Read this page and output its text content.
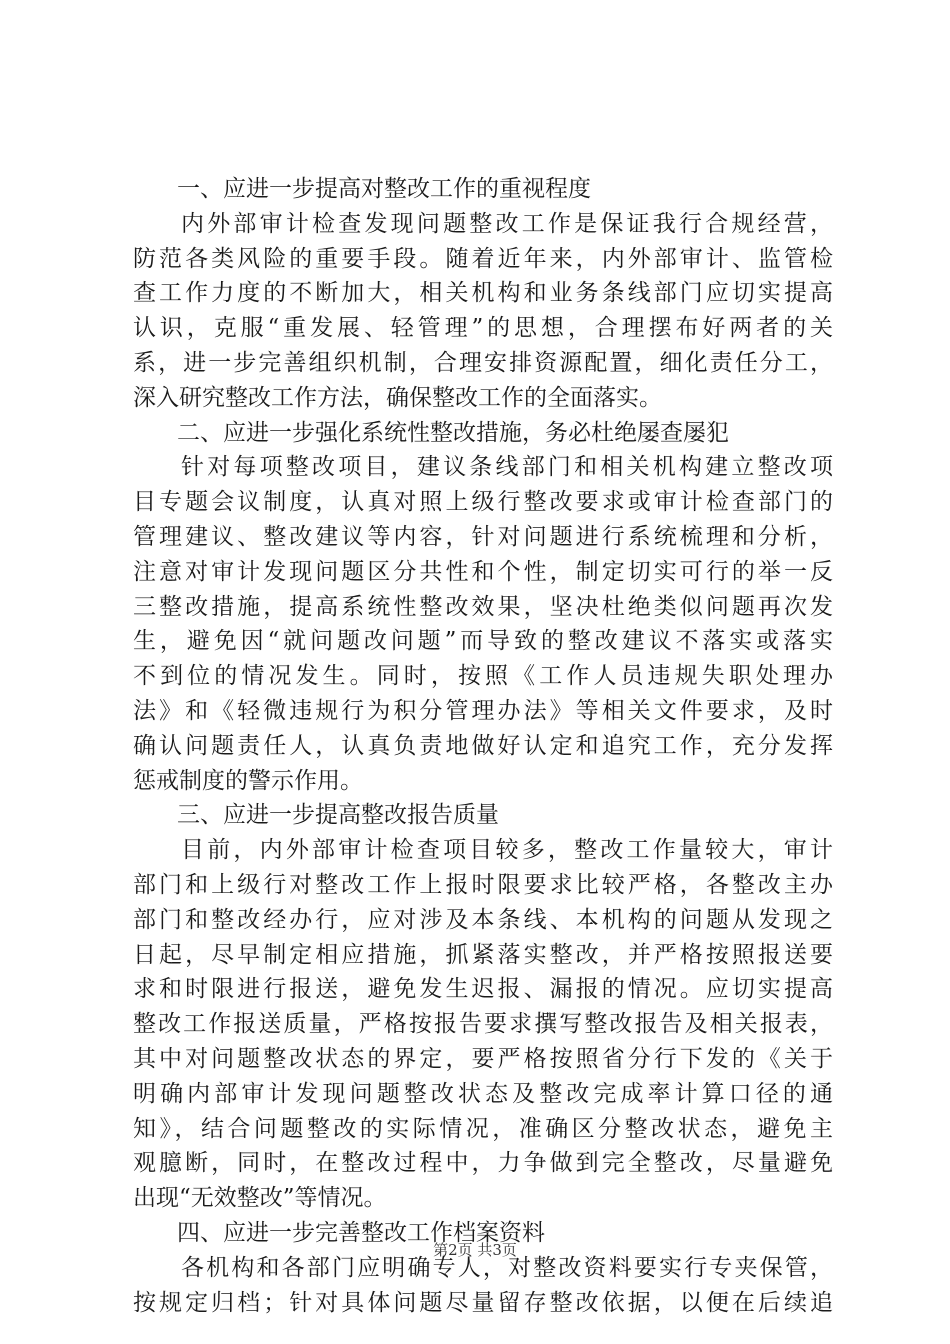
一、应进一步提高对整改工作的重视程度
内外部审计检查发现问题整改工作是保证我行合规经营，
防范各类风险的重要手段。随着近年来，内外部审计、监管检
查工作力度的不断加大，相关机构和业务条线部门应切实提高
认识，克服“重发展、轻管理”的思想，合理摆布好两者的关
系，进一步完善组织机制，合理安排资源配置，细化责任分工，
深入研究整改工作方法，确保整改工作的全面落实。
二、应进一步强化系统性整改措施，务必杜绝屡查屡犯
针对每项整改项目，建议条线部门和相关机构建立整改项
目专题会议制度，认真对照上级行整改要求或审计检查部门的
管理建议、整改建议等内容，针对问题进行系统梳理和分析，
注意对审计发现问题区分共性和个性，制定切实可行的举一反
三整改措施，提高系统性整改效果，坚决杜绝类似问题再次发
生，避免因“就问题改问题”而导致的整改建议不落实或落实
不到位的情况发生。同时，按照《工作人员违规失职处理办
法》和《轻微违规行为积分管理办法》等相关文件要求，及时
确认问题责任人，认真负责地做好认定和追究工作，充分发挥
惩戒制度的警示作用。
三、应进一步提高整改报告质量
目前，内外部审计检查项目较多，整改工作量较大，审计
部门和上级行对整改工作上报时限要求比较严格，各整改主办
部门和整改经办行，应对涉及本条线、本机构的问题从发现之
日起，尽早制定相应措施，抓紧落实整改，并严格按照报送要
求和时限进行报送，避免发生迟报、漏报的情况。应切实提高
整改工作报送质量，严格按报告要求撰写整改报告及相关报表，
其中对问题整改状态的界定，要严格按照省分行下发的《关于
明确内部审计发现问题整改状态及整改完成率计算口径的通
知》，结合问题整改的实际情况，准确区分整改状态，避免主
观臆断，同时，在整改过程中，力争做到完全整改，尽量避免
出现“无效整改”等情况。
四、应进一步完善整改工作档案资料
各机构和各部门应明确专人，对整改资料要实行专夹保管，
按规定归档；针对具体问题尽量留存整改依据，以便在后续追
第2页 共3页
